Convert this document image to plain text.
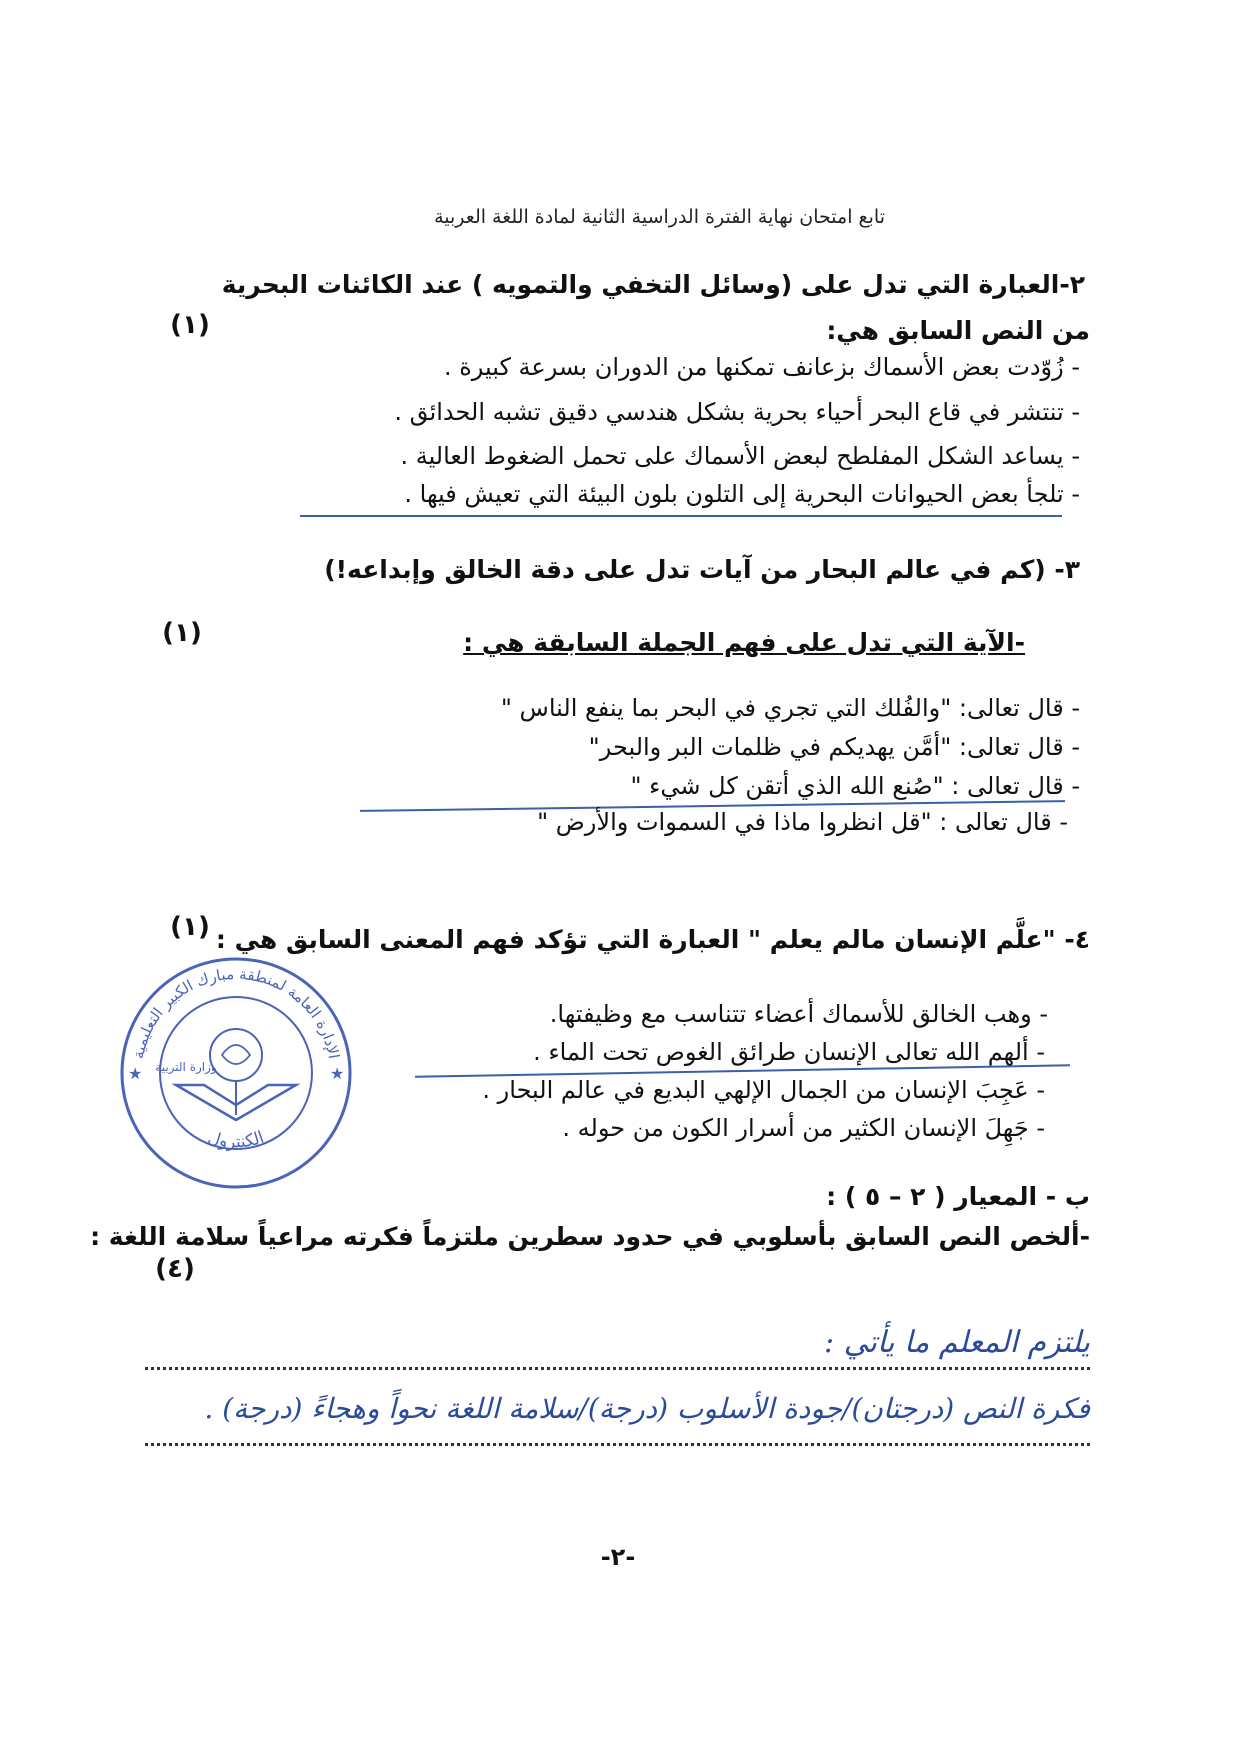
تابع امتحان نهاية الفترة الدراسية الثانية لمادة اللغة العربية
٢-العبارة التي تدل على (وسائل التخفي والتمويه ) عند الكائنات البحرية
من النص السابق هي:
(١)
- زُوّدت بعض الأسماك بزعانف تمكنها من الدوران بسرعة كبيرة .
- تنتشر في قاع البحر أحياء بحرية بشكل هندسي دقيق تشبه الحدائق .
- يساعد الشكل المفلطح لبعض الأسماك على تحمل الضغوط العالية .
- تلجأ بعض الحيوانات البحرية إلى التلون بلون البيئة التي تعيش فيها .
٣- (كم في عالم البحار من آيات تدل على دقة الخالق وإبداعه!)
(١)	-الآية التي تدل على فهم الجملة السابقة هي :
- قال تعالى: "والفُلك التي تجري في البحر بما ينفع الناس "
- قال تعالى: "أمَّن يهديكم في ظلمات البر والبحر"
- قال تعالى : "صُنع الله الذي أتقن كل شيء "
- قال تعالى : "قل انظروا ماذا في السموات والأرض "
(١) ٤- "علَّم الإنسان مالم يعلم " العبارة التي تؤكد فهم المعنى السابق هي :
- وهب الخالق للأسماك أعضاء تتناسب مع وظيفتها.
- ألهم الله تعالى الإنسان طرائق الغوص تحت الماء .
- عَجِبَ الإنسان من الجمال الإلهي البديع في عالم البحار .
- جَهِلَ الإنسان الكثير من أسرار الكون من حوله .
الإدارة العامة لمنطقة مبارك الكبير التعليمية
الكنترول
★	★
وزارة التربية
ب - المعيار ( ٢ – ٥ ) :
-ألخص النص السابق بأسلوبي في حدود سطرين ملتزماً فكرته مراعياً سلامة اللغة :
(٤)
يلتزم المعلم ما يأتي :
فكرة النص (درجتان)/جودة الأسلوب (درجة)/سلامة اللغة نحواً وهجاءً (درجة) .
-٢-
